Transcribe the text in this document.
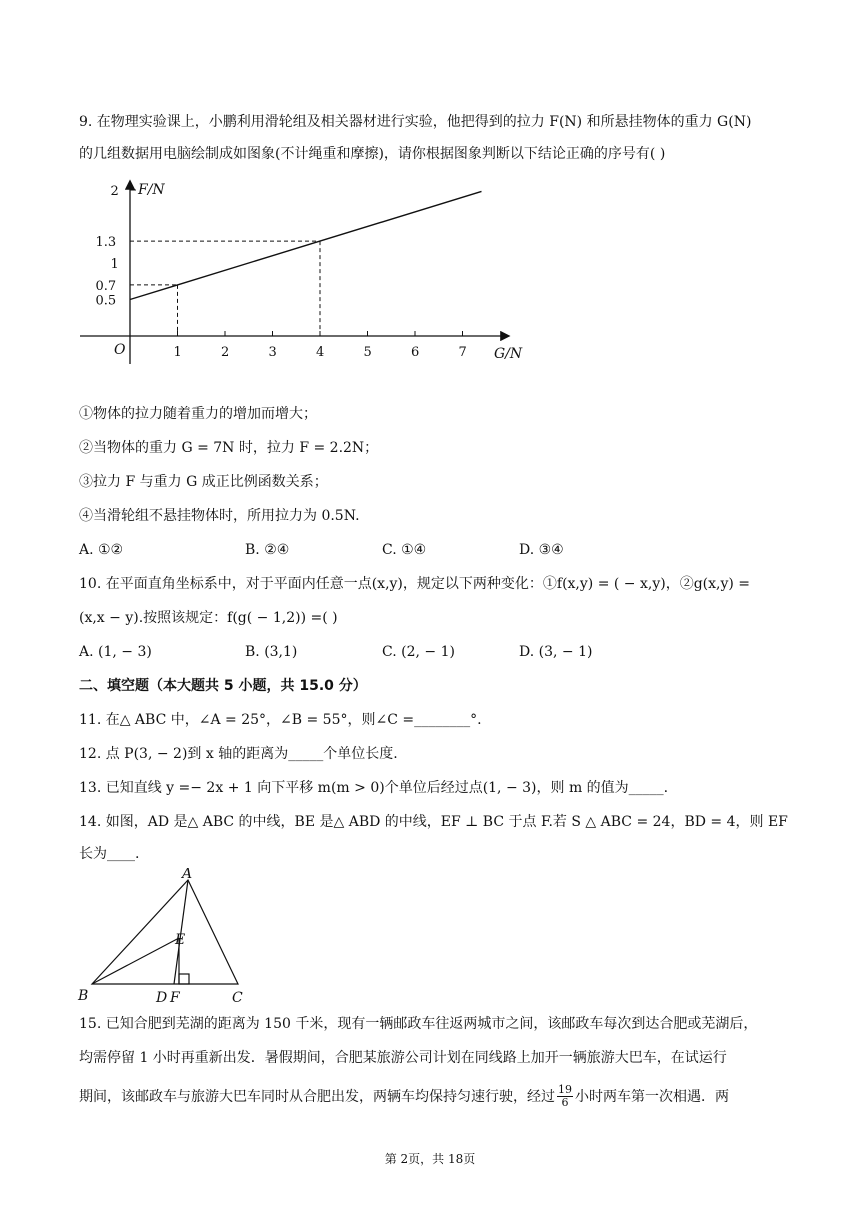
9. 在物理实验课上，小鹏利用滑轮组及相关器材进行实验，他把得到的拉力 F(N) 和所悬挂物体的重力 G(N)
的几组数据用电脑绘制成如图象(不计绳重和摩擦)，请你根据图象判断以下结论正确的序号有( )
G/N
F/N
O	1	2	3	4	5	6	7
0.5
0.7
1
1.3
2
①物体的拉力随着重力的增加而增大；
②当物体的重力 G = 7N 时，拉力 F = 2.2N；
③拉力 F 与重力 G 成正比例函数关系；
④当滑轮组不悬挂物体时，所用拉力为 0.5N.
A. ①②	B. ②④	C. ①④	D. ③④
10. 在平面直角坐标系中，对于平面内任意一点(x,y)，规定以下两种变化：①f(x,y) = ( − x,y)，②g(x,y) =
(x,x − y).按照该规定：f(g( − 1,2)) =( )
A. (1, − 3)	B. (3,1)	C. (2, − 1)	D. (3, − 1)
二、填空题（本大题共 5 小题，共 15.0 分）
11. 在△ ABC 中，∠A = 25°，∠B = 55°，则∠C =________°.
12. 点 P(3, − 2)到 x 轴的距离为_____个单位长度.
13. 已知直线 y =− 2x + 1 向下平移 m(m > 0)个单位后经过点(1, − 3)，则 m 的值为_____.
14. 如图，AD 是△ ABC 的中线，BE 是△ ABD 的中线，EF ⊥ BC 于点 F.若 S △ ABC = 24，BD = 4，则 EF
长为____.
A
B	C
D
E
F
15. 已知合肥到芜湖的距离为 150 千米，现有一辆邮政车往返两城市之间，该邮政车每次到达合肥或芜湖后，
均需停留 1 小时再重新出发．暑假期间，合肥某旅游公司计划在同线路上加开一辆旅游大巴车，在试运行
期间，该邮政车与旅游大巴车同时从合肥出发，两辆车均保持匀速行驶，经过 $\frac{19}{6}$ 小时两车第一次相遇．两
第 2页，共 18页
